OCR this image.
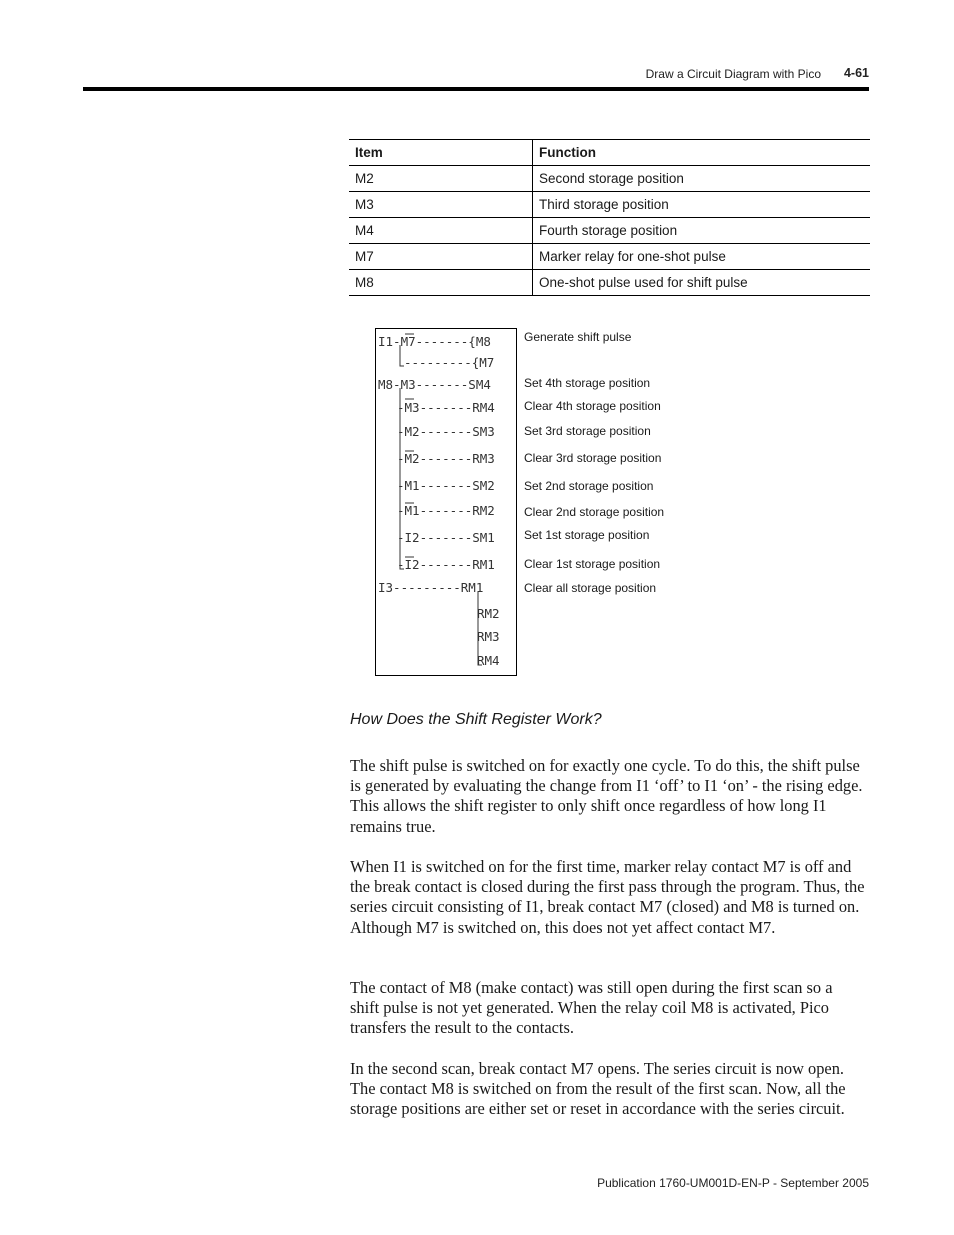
Draw a Circuit Diagram with Pico 4-61
Item	Function
M2	Second storage position
M3	Third storage position
M4	Fourth storage position
M7	Marker relay for one-shot pulse
M8	One-shot pulse used for shift pulse
I1-M7-------{M8
---------{M7
M8-M3-------SM4
-M3-------RM4
-M2-------SM3
-M2-------RM3
-M1-------SM2
-M1-------RM2
-I2-------SM1
-I2-------RM1
I3---------RM1
RM2
RM3
RM4
Generate shift pulse
Set 4th storage position
Clear 4th storage position
Set 3rd storage position
Clear 3rd storage position
Set 2nd storage position
Clear 2nd storage position
Set 1st storage position
Clear 1st storage position
Clear all storage position
How Does the Shift Register Work?

The shift pulse is switched on for exactly one cycle. To do this, the shift pulse is generated by evaluating the change from I1 ‘off’ to I1 ‘on’ - the rising edge. This allows the shift register to only shift once regardless of how long I1 remains true.

When I1 is switched on for the first time, marker relay contact M7 is off and the break contact is closed during the first pass through the program. Thus, the series circuit consisting of I1, break contact M7 (closed) and M8 is turned on. Although M7 is switched on, this does not yet affect contact M7.

The contact of M8 (make contact) was still open during the first scan so a shift pulse is not yet generated. When the relay coil M8 is activated, Pico transfers the result to the contacts.

In the second scan, break contact M7 opens. The series circuit is now open. The contact M8 is switched on from the result of the first scan. Now, all the storage positions are either set or reset in accordance with the series circuit.

Publication 1760-UM001D-EN-P - September 2005
